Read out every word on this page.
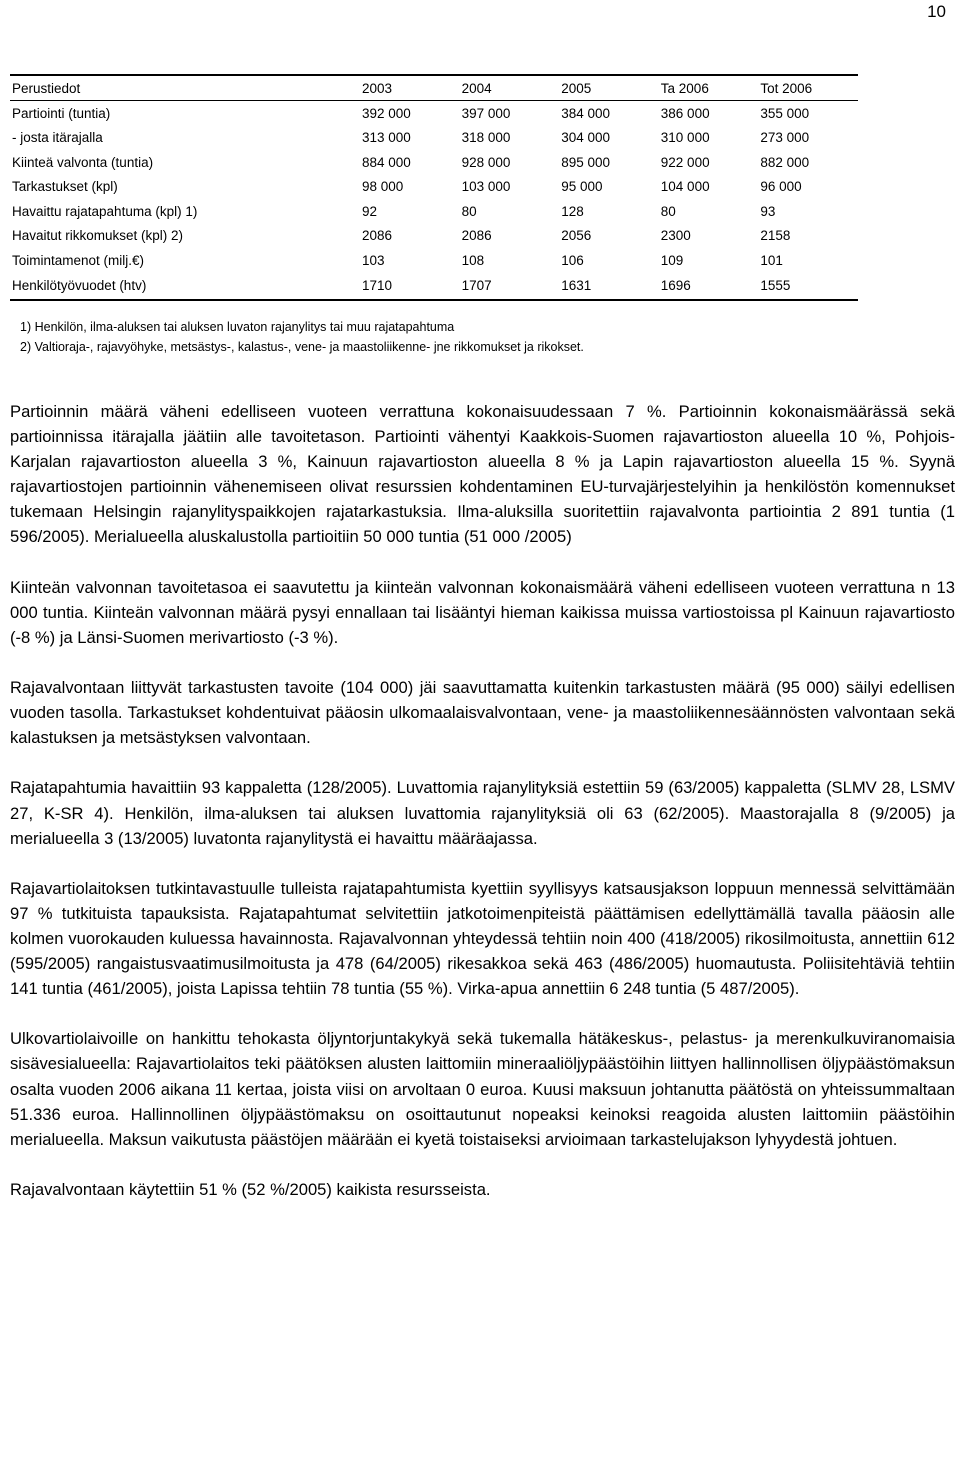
10
Perustiedot	2003	2004	2005	Ta 2006	Tot 2006
Partiointi (tuntia)	392 000	397 000	384 000	386 000	355 000
- josta itärajalla	313 000	318 000	304 000	310 000	273 000
Kiinteä valvonta (tuntia)	884 000	928 000	895 000	922 000	882 000
Tarkastukset (kpl)	98 000	103 000	95 000	104 000	96 000
Havaittu rajatapahtuma (kpl) 1)	92	80	128	80	93
Havaitut rikkomukset (kpl) 2)	2086	2086	2056	2300	2158
Toimintamenot (milj.€)	103	108	106	109	101
Henkilötyövuodet (htv)	1710	1707	1631	1696	1555
1) Henkilön, ilma-aluksen tai aluksen luvaton rajanylitys tai muu rajatapahtuma
2) Valtioraja-, rajavyöhyke, metsästys-, kalastus-, vene- ja maastoliikenne- jne rikkomukset ja rikokset.

Partioinnin määrä väheni edelliseen vuoteen verrattuna kokonaisuudessaan 7 %. Partioinnin kokonaismäärässä sekä partioinnissa itärajalla jäätiin alle tavoitetason. Partiointi vähentyi Kaakkois-Suomen rajavartioston alueella 10 %, Pohjois-Karjalan rajavartioston alueella 3 %, Kainuun rajavartioston alueella 8 % ja Lapin rajavartioston alueella 15 %. Syynä rajavartiostojen partioinnin vähenemiseen olivat resurssien kohdentaminen EU-turvajärjestelyihin ja henkilöstön komennukset tukemaan Helsingin rajanylityspaikkojen rajatarkastuksia. Ilma-aluksilla suoritettiin rajavalvonta partiointia 2 891 tuntia (1 596/2005). Merialueella aluskalustolla partioitiin 50 000 tuntia (51 000 /2005)

Kiinteän valvonnan tavoitetasoa ei saavutettu ja kiinteän valvonnan kokonaismäärä väheni edelliseen vuoteen verrattuna n 13 000 tuntia. Kiinteän valvonnan määrä pysyi ennallaan tai lisääntyi hieman kaikissa muissa vartiostoissa pl Kainuun rajavartiosto (-8 %) ja Länsi-Suomen merivartiosto (-3 %).

Rajavalvontaan liittyvät tarkastusten tavoite (104 000) jäi saavuttamatta kuitenkin tarkastusten määrä (95 000) säilyi edellisen vuoden tasolla. Tarkastukset kohdentuivat pääosin ulkomaalaisvalvontaan, vene- ja maastoliikennesäännösten valvontaan sekä kalastuksen ja metsästyksen valvontaan.

Rajatapahtumia havaittiin 93 kappaletta (128/2005). Luvattomia rajanylityksiä estettiin 59 (63/2005) kappaletta (SLMV 28, LSMV 27, K-SR 4). Henkilön, ilma-aluksen tai aluksen luvattomia rajanylityksiä oli 63 (62/2005). Maastorajalla 8 (9/2005) ja merialueella 3 (13/2005) luvatonta rajanylitystä ei havaittu määräajassa.

Rajavartiolaitoksen tutkintavastuulle tulleista rajatapahtumista kyettiin syyllisyys katsausjakson loppuun mennessä selvittämään 97 % tutkituista tapauksista. Rajatapahtumat selvitettiin jatkotoimenpiteistä päättämisen edellyttämällä tavalla pääosin alle kolmen vuorokauden kuluessa havainnosta. Rajavalvonnan yhteydessä tehtiin noin 400 (418/2005) rikosilmoitusta, annettiin 612 (595/2005) rangaistusvaatimusilmoitusta ja 478 (64/2005) rikesakkoa sekä 463 (486/2005) huomautusta. Poliisitehtäviä tehtiin 141 tuntia (461/2005), joista Lapissa tehtiin 78 tuntia (55 %). Virka-apua annettiin 6 248 tuntia (5 487/2005).

Ulkovartiolaivoille on hankittu tehokasta öljyntorjuntakykyä sekä tukemalla hätäkeskus-, pelastus- ja merenkulkuviranomaisia sisävesialueella: Rajavartiolaitos teki päätöksen alusten laittomiin mineraaliöljypäästöihin liittyen hallinnollisen öljypäästömaksun osalta vuoden 2006 aikana 11 kertaa, joista viisi on arvoltaan 0 euroa. Kuusi maksuun johtanutta päätöstä on yhteissummaltaan 51.336 euroa. Hallinnollinen öljypäästömaksu on osoittautunut nopeaksi keinoksi reagoida alusten laittomiin päästöihin merialueella. Maksun vaikutusta päästöjen määrään ei kyetä toistaiseksi arvioimaan tarkastelujakson lyhyydestä johtuen.

Rajavalvontaan käytettiin 51 % (52 %/2005) kaikista resursseista.
